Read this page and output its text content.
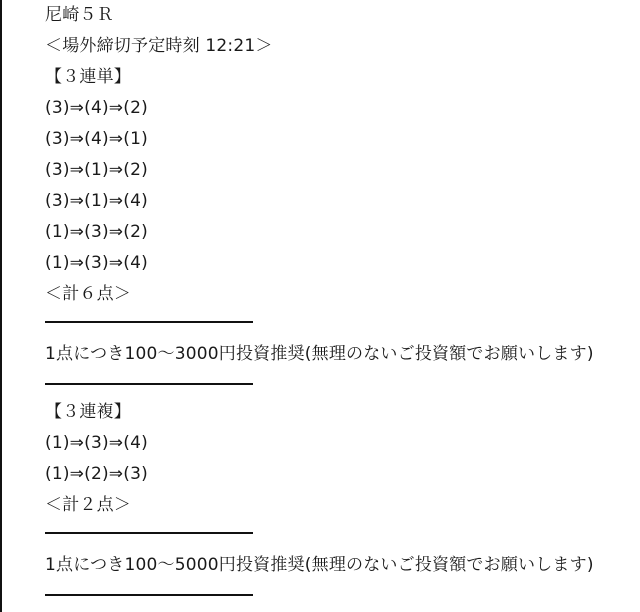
尼崎５Ｒ
＜場外締切予定時刻 12:21＞
【３連単】
(3)⇒(4)⇒(2)
(3)⇒(4)⇒(1)
(3)⇒(1)⇒(2)
(3)⇒(1)⇒(4)
(1)⇒(3)⇒(2)
(1)⇒(3)⇒(4)
＜計６点＞
1点につき100〜3000円投資推奨(無理のないご投資額でお願いします)
【３連複】
(1)⇒(3)⇒(4)
(1)⇒(2)⇒(3)
＜計２点＞
1点につき100〜5000円投資推奨(無理のないご投資額でお願いします)
